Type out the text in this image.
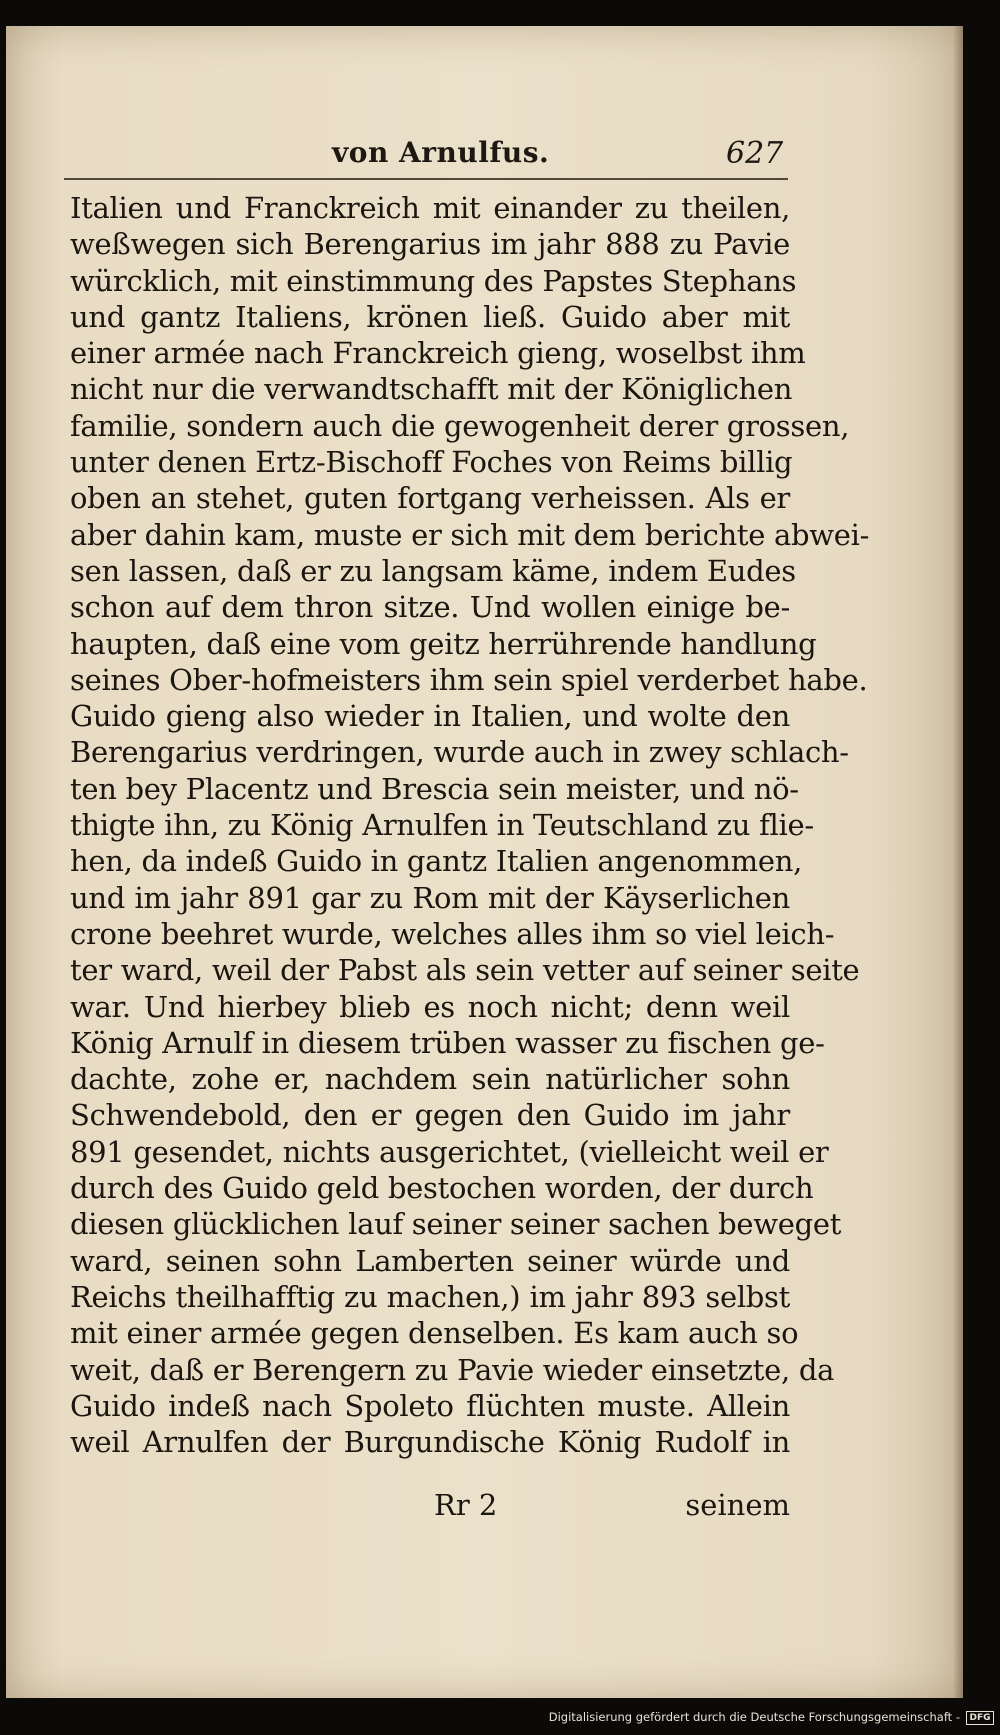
von Arnulfus.	627
Italien und Franckreich mit einander zu theilen,
weßwegen sich Berengarius im jahr 888 zu Pavie
würcklich, mit einstimmung des Papstes Stephans
und gantz Italiens, krönen ließ. Guido aber mit
einer armée nach Franckreich gieng, woselbst ihm
nicht nur die verwandtschafft mit der Königlichen
familie, sondern auch die gewogenheit derer grossen,
unter denen Ertz-Bischoff Foches von Reims billig
oben an stehet, guten fortgang verheissen. Als er
aber dahin kam, muste er sich mit dem berichte abwei-
sen lassen, daß er zu langsam käme, indem Eudes
schon auf dem thron sitze. Und wollen einige be-
haupten, daß eine vom geitz herrührende handlung
seines Ober-hofmeisters ihm sein spiel verderbet habe.
Guido gieng also wieder in Italien, und wolte den
Berengarius verdringen, wurde auch in zwey schlach-
ten bey Placentz und Brescia sein meister, und nö-
thigte ihn, zu König Arnulfen in Teutschland zu flie-
hen, da indeß Guido in gantz Italien angenommen,
und im jahr 891 gar zu Rom mit der Käyserlichen
crone beehret wurde, welches alles ihm so viel leich-
ter ward, weil der Pabst als sein vetter auf seiner seite
war. Und hierbey blieb es noch nicht; denn weil
König Arnulf in diesem trüben wasser zu fischen ge-
dachte, zohe er, nachdem sein natürlicher sohn
Schwendebold, den er gegen den Guido im jahr
891 gesendet, nichts ausgerichtet, (vielleicht weil er
durch des Guido geld bestochen worden, der durch
diesen glücklichen lauf seiner seiner sachen beweget
ward, seinen sohn Lamberten seiner würde und
Reichs theilhafftig zu machen,) im jahr 893 selbst
mit einer armée gegen denselben. Es kam auch so
weit, daß er Berengern zu Pavie wieder einsetzte, da
Guido indeß nach Spoleto flüchten muste. Allein
weil Arnulfen der Burgundische König Rudolf in
Rr 2	seinem
Digitalisierung gefördert durch die Deutsche Forschungsgemeinschaft -	DFG
